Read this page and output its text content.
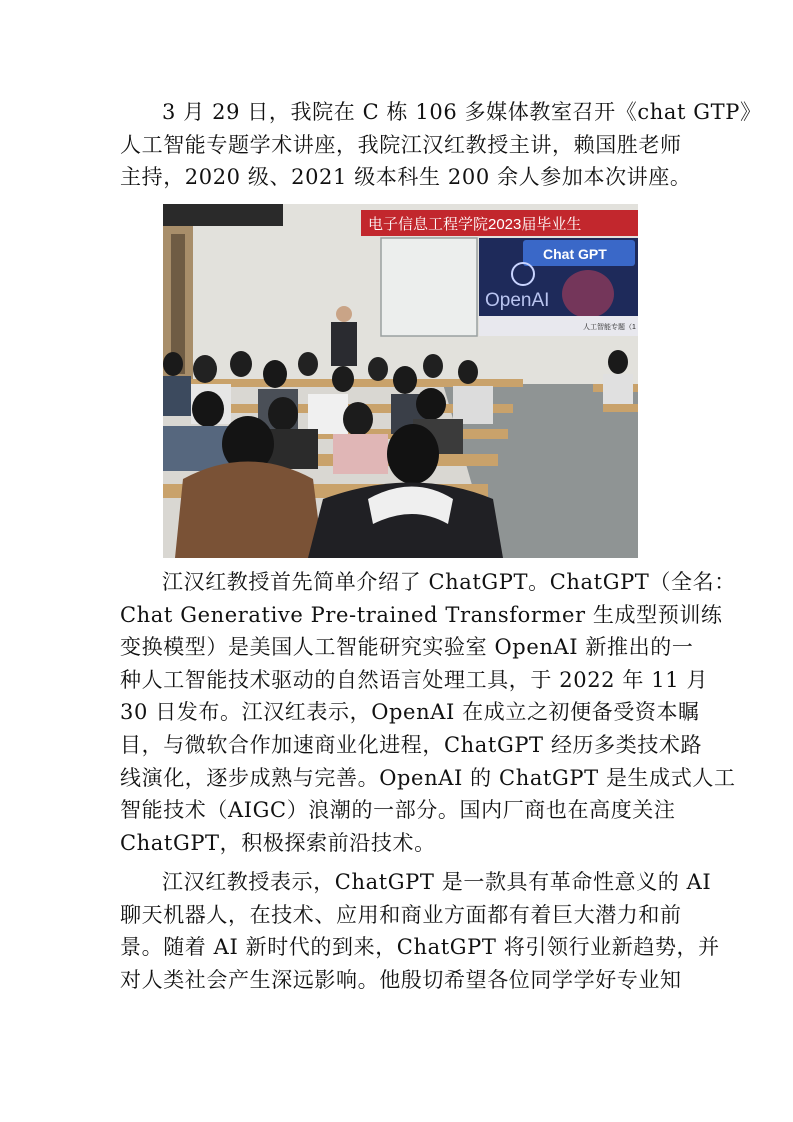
3 月 29 日，我院在 C 栋 106 多媒体教室召开《chat GTP》
人工智能专题学术讲座，我院江汉红教授主讲，赖国胜老师
主持，2020 级、2021 级本科生 200 余人参加本次讲座。
电子信息工程学院2023届毕业生
Chat GPT
OpenAI
人工智能专题（1
江汉红教授首先简单介绍了 ChatGPT。ChatGPT（全名：
Chat Generative Pre-trained Transformer 生成型预训练
变换模型）是美国人工智能研究实验室 OpenAI 新推出的一
种人工智能技术驱动的自然语言处理工具，于 2022 年 11 月
30 日发布。江汉红表示，OpenAI 在成立之初便备受资本瞩
目，与微软合作加速商业化进程，ChatGPT 经历多类技术路
线演化，逐步成熟与完善。OpenAI 的 ChatGPT 是生成式人工
智能技术（AIGC）浪潮的一部分。国内厂商也在高度关注
ChatGPT，积极探索前沿技术。
江汉红教授表示，ChatGPT 是一款具有革命性意义的 AI
聊天机器人，在技术、应用和商业方面都有着巨大潜力和前
景。随着 AI 新时代的到来，ChatGPT 将引领行业新趋势，并
对人类社会产生深远影响。他殷切希望各位同学学好专业知
